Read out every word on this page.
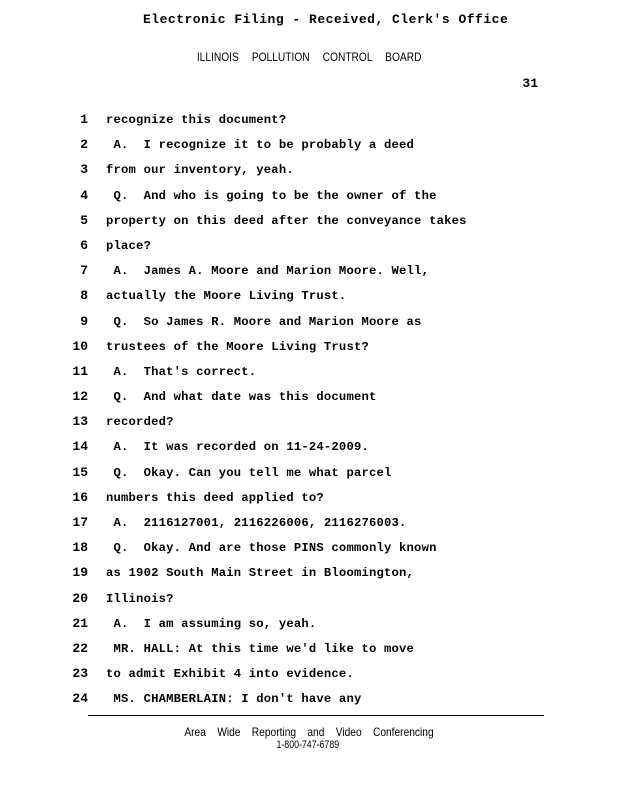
Electronic Filing - Received, Clerk's Office
ILLINOIS POLLUTION CONTROL BOARD
31
1 recognize this document?
2 A.  I recognize it to be probably a deed
3 from our inventory, yeah.
4 Q.  And who is going to be the owner of the
5 property on this deed after the conveyance takes
6 place?
7 A.  James A. Moore and Marion Moore. Well,
8 actually the Moore Living Trust.
9 Q.  So James R. Moore and Marion Moore as
10 trustees of the Moore Living Trust?
11 A.  That's correct.
12 Q.  And what date was this document
13 recorded?
14 A.  It was recorded on 11-24-2009.
15 Q.  Okay. Can you tell me what parcel
16 numbers this deed applied to?
17 A.  2116127001, 2116226006, 2116276003.
18 Q.  Okay. And are those PINS commonly known
19 as 1902 South Main Street in Bloomington,
20 Illinois?
21 A.  I am assuming so, yeah.
22 MR. HALL: At this time we'd like to move
23 to admit Exhibit 4 into evidence.
24 MS. CHAMBERLAIN: I don't have any
Area Wide Reporting and Video Conferencing
1-800-747-6789
